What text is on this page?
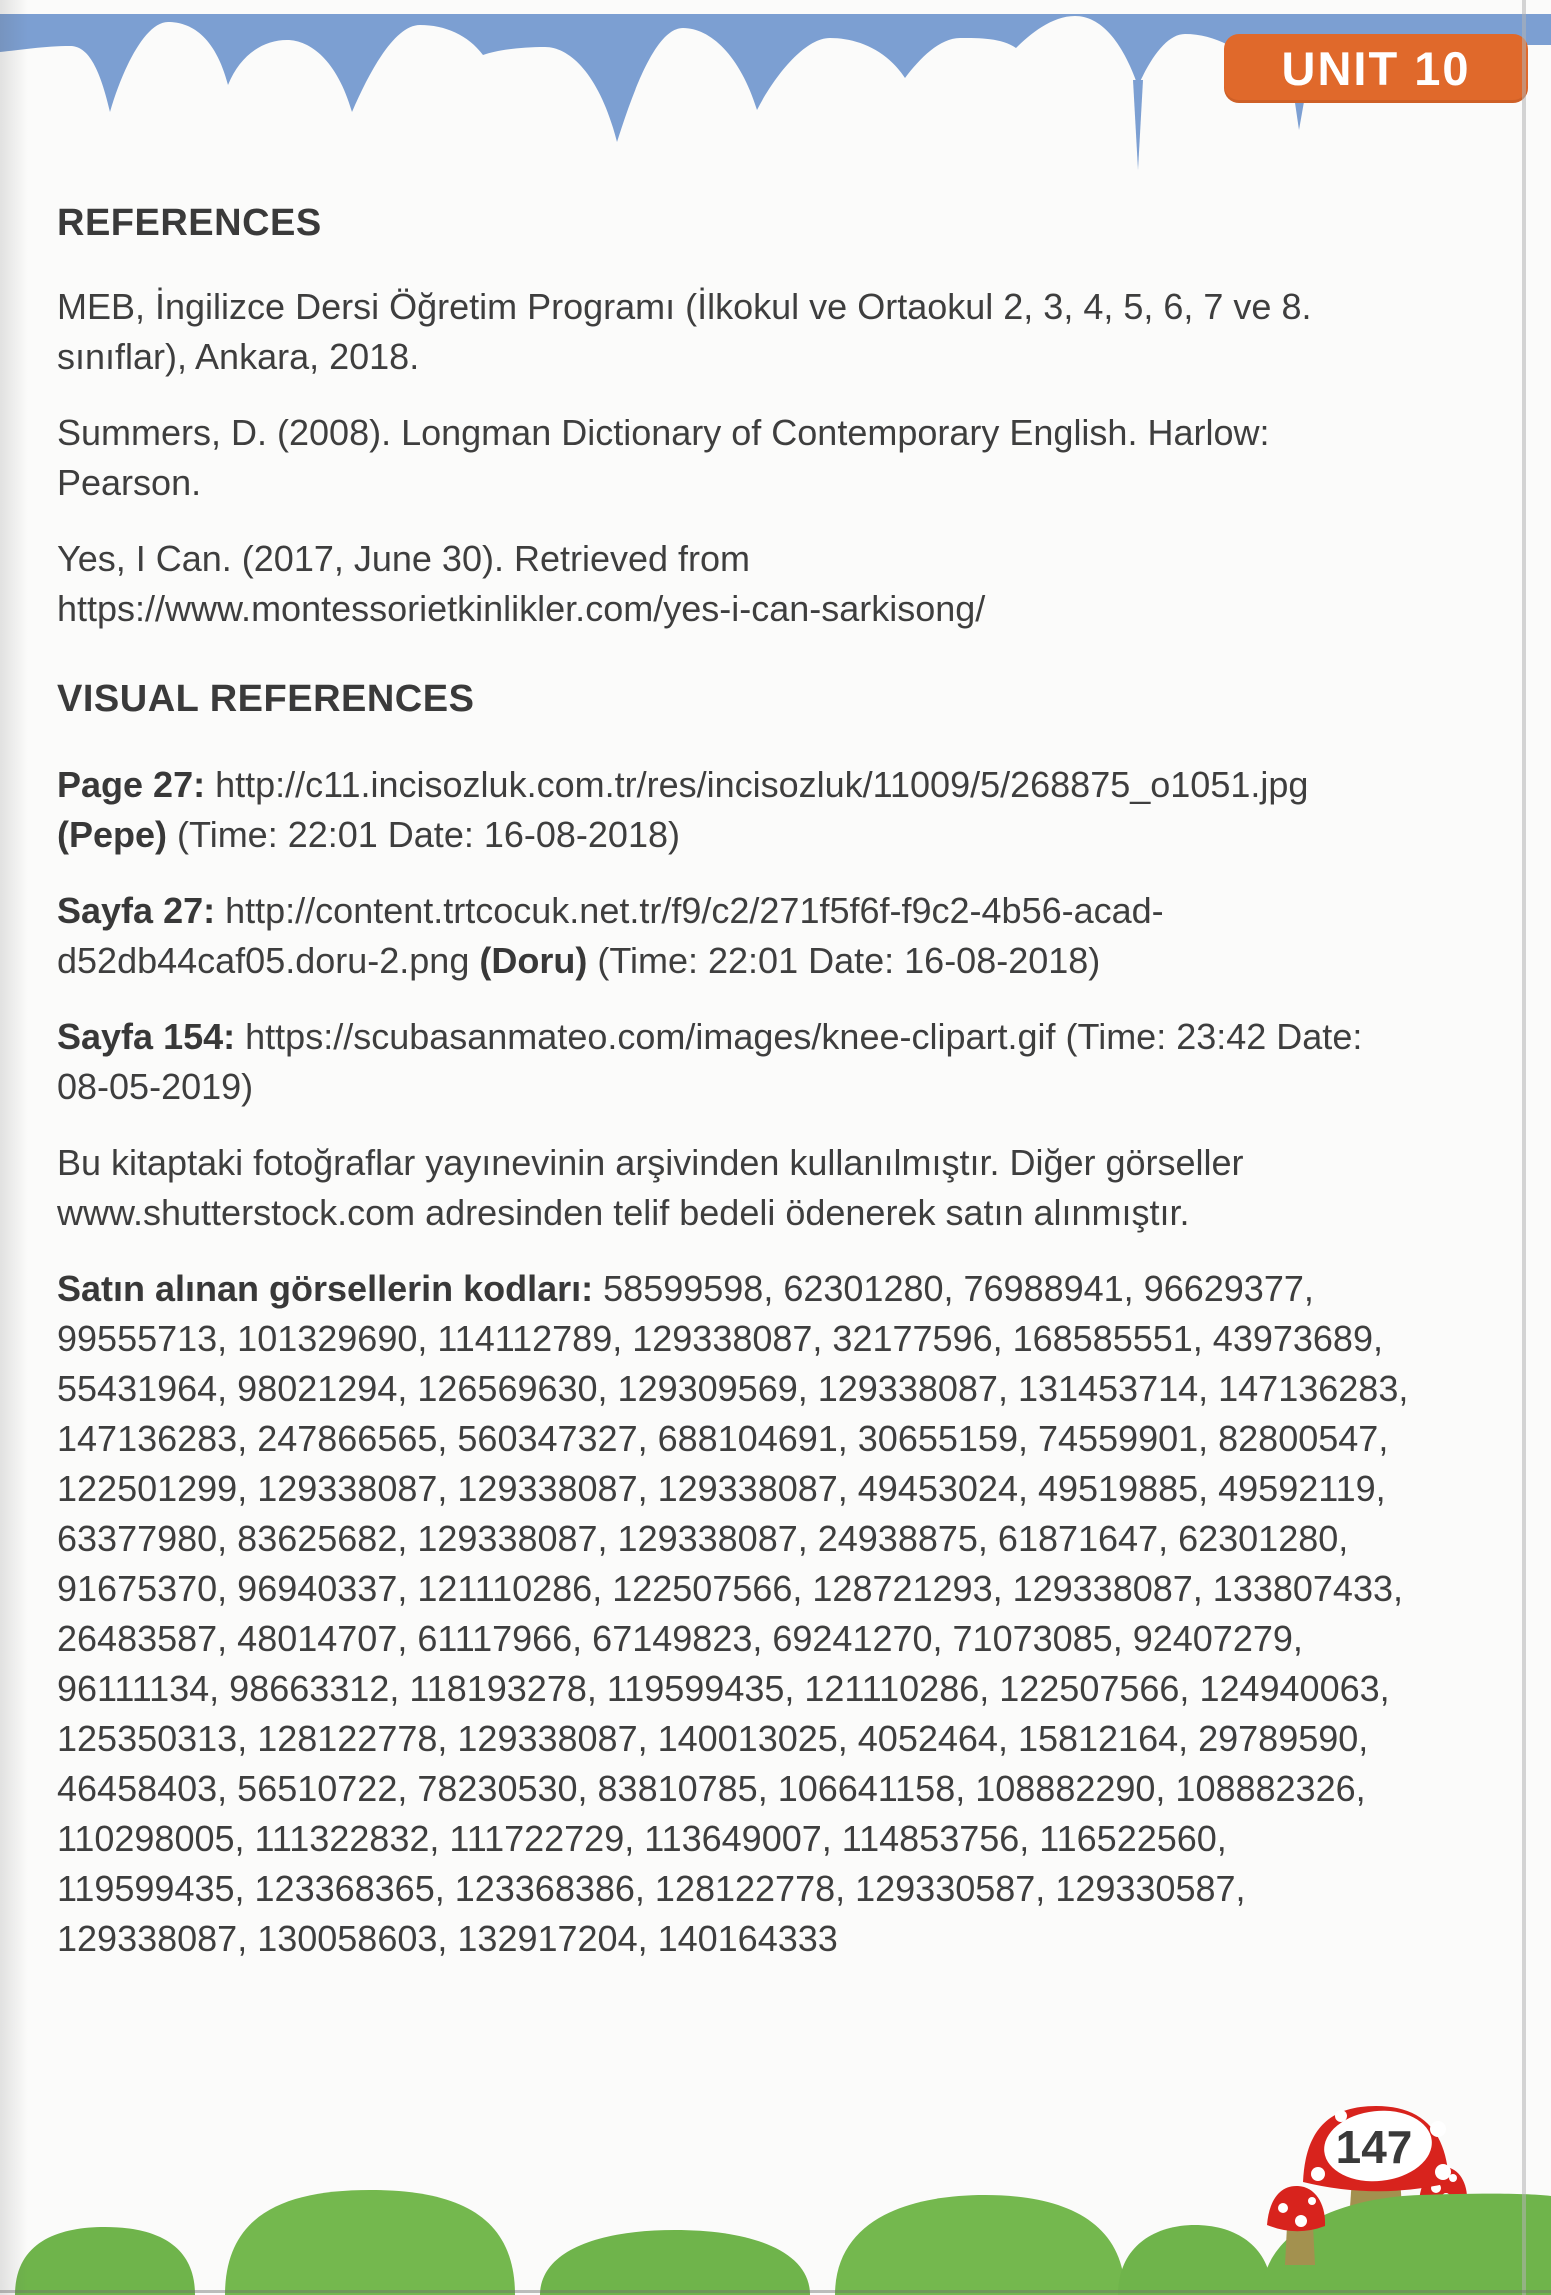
UNIT 10
REFERENCES

MEB, İngilizce Dersi Öğretim Programı (İlkokul ve Ortaokul 2, 3, 4, 5, 6, 7 ve 8. sınıflar), Ankara, 2018.

Summers, D. (2008). Longman Dictionary of Contemporary English. Harlow: Pearson.

Yes, I Can. (2017, June 30). Retrieved from https://www.montessorietkinlikler.com/yes-i-can-sarkisong/

VISUAL REFERENCES

Page 27: http://c11.incisozluk.com.tr/res/incisozluk/11009/5/268875_o1051.jpg (Pepe) (Time: 22:01 Date: 16-08-2018)

Sayfa 27: http://content.trtcocuk.net.tr/f9/c2/271f5f6f-f9c2-4b56-acad-d52db44caf05.doru-2.png (Doru) (Time: 22:01 Date: 16-08-2018)

Sayfa 154: https://scubasanmateo.com/images/knee-clipart.gif (Time: 23:42 Date: 08-05-2019)

Bu kitaptaki fotoğraflar yayınevinin arşivinden kullanılmıştır. Diğer görseller www.shutterstock.com adresinden telif bedeli ödenerek satın alınmıştır.

Satın alınan görsellerin kodları: 58599598, 62301280, 76988941, 96629377, 99555713, 101329690, 114112789, 129338087, 32177596, 168585551, 43973689, 55431964, 98021294, 126569630, 129309569, 129338087, 131453714, 147136283, 147136283, 247866565, 560347327, 688104691, 30655159, 74559901, 82800547, 122501299, 129338087, 129338087, 129338087, 49453024, 49519885, 49592119, 63377980, 83625682, 129338087, 129338087, 24938875, 61871647, 62301280, 91675370, 96940337, 121110286, 122507566, 128721293, 129338087, 133807433, 26483587, 48014707, 61117966, 67149823, 69241270, 71073085, 92407279, 96111134, 98663312, 118193278, 119599435, 121110286, 122507566, 124940063, 125350313, 128122778, 129338087, 140013025, 4052464, 15812164, 29789590, 46458403, 56510722, 78230530, 83810785, 106641158, 108882290, 108882326, 110298005, 111322832, 111722729, 113649007, 114853756, 116522560, 119599435, 123368365, 123368386, 128122778, 129330587, 129330587, 129338087, 130058603, 132917204, 140164333

147
